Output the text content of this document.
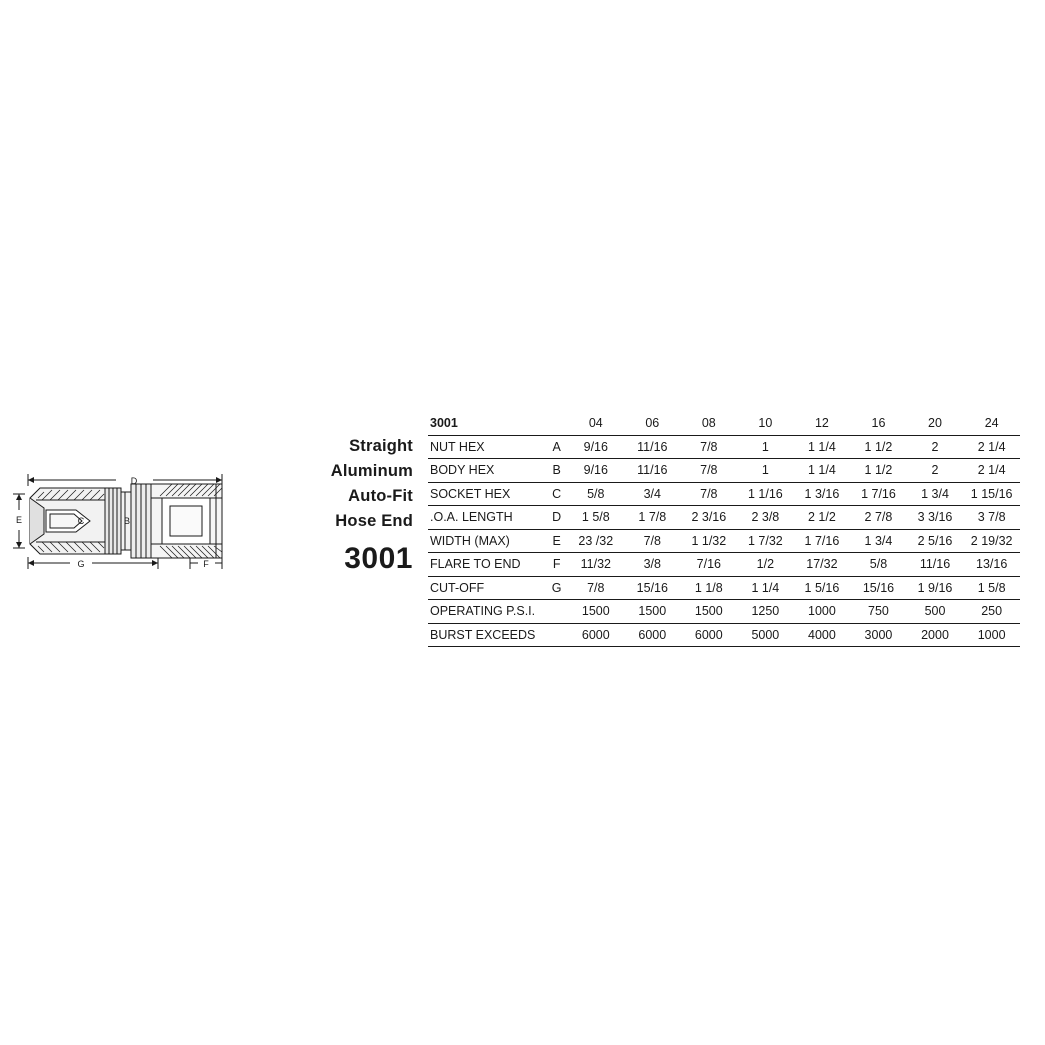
D
E	C	B
G	F
Straight
Aluminum
Auto-Fit
Hose End
3001
3001		04	06	08	10	12	16	20	24
NUT HEX	A	9/16	11/16	7/8	1	1 1/4	1 1/2	2	2 1/4
BODY HEX	B	9/16	11/16	7/8	1	1 1/4	1 1/2	2	2 1/4
SOCKET HEX	C	5/8	3/4	7/8	1 1/16	1 3/16	1 7/16	1 3/4	1 15/16
.O.A. LENGTH	D	1 5/8	1 7/8	2 3/16	2 3/8	2 1/2	2 7/8	3 3/16	3 7/8
WIDTH (MAX)	E	23 /32	7/8	1 1/32	1 7/32	1 7/16	1 3/4	2 5/16	2 19/32
FLARE TO END	F	11/32	3/8	7/16	1/2	17/32	5/8	11/16	13/16
CUT-OFF	G	7/8	15/16	1 1/8	1 1/4	1 5/16	15/16	1 9/16	1 5/8
OPERATING P.S.I.		1500	1500	1500	1250	1000	750	500	250
BURST EXCEEDS		6000	6000	6000	5000	4000	3000	2000	1000
